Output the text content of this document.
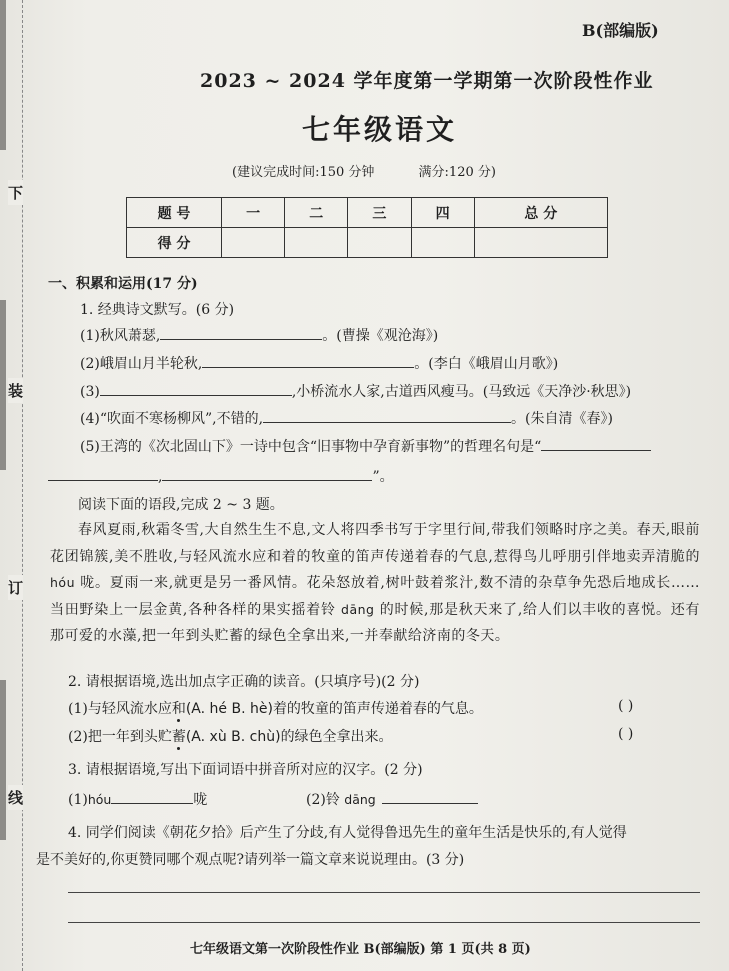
下
装
订
线
B(部编版)
2023 ~ 2024 学年度第一学期第一次阶段性作业
七年级语文
(建议完成时间:150 分钟	满分:120 分)
题 号	一	二	三	四	总 分
得 分					
一、积累和运用(17 分)
1. 经典诗文默写。(6 分)
(1)秋风萧瑟,	。(曹操《观沧海》)
(2)峨眉山月半轮秋,	。(李白《峨眉山月歌》)
(3)	,小桥流水人家,古道西风瘦马。(马致远《天净沙·秋思》)
(4)“吹面不寒杨柳风”,不错的,	。(朱自清《春》)
(5)王湾的《次北固山下》一诗中包含“旧事物中孕育新事物”的哲理名句是“
,	”。
阅读下面的语段,完成 2 ~ 3 题。
春风夏雨,秋霜冬雪,大自然生生不息,文人将四季书写于字里行间,带我们领略时序之美。春天,眼前花团锦簇,美不胜收,与轻风流水应和着的牧童的笛声传递着春的气息,惹得鸟儿呼朋引伴地卖弄清脆的 hóu 咙。夏雨一来,就更是另一番风情。花朵怒放着,树叶鼓着浆汁,数不清的杂草争先恐后地成长……当田野染上一层金黄,各种各样的果实摇着铃 dāng 的时候,那是秋天来了,给人们以丰收的喜悦。还有那可爱的水藻,把一年到头贮蓄的绿色全拿出来,一并奉献给济南的冬天。
2. 请根据语境,选出加点字正确的读音。(只填序号)(2 分)
(1)与轻风流水应和(A. hé B. hè)着的牧童的笛声传递着春的气息。	( )
(2)把一年到头贮蓄(A. xù B. chù)的绿色全拿出来。	( )
3. 请根据语境,写出下面词语中拼音所对应的汉字。(2 分)
(1)hóu	咙	(2)铃 dāng
4. 同学们阅读《朝花夕拾》后产生了分歧,有人觉得鲁迅先生的童年生活是快乐的,有人觉得
是不美好的,你更赞同哪个观点呢?请列举一篇文章来说说理由。(3 分)
七年级语文第一次阶段性作业 B(部编版) 第 1 页(共 8 页)
